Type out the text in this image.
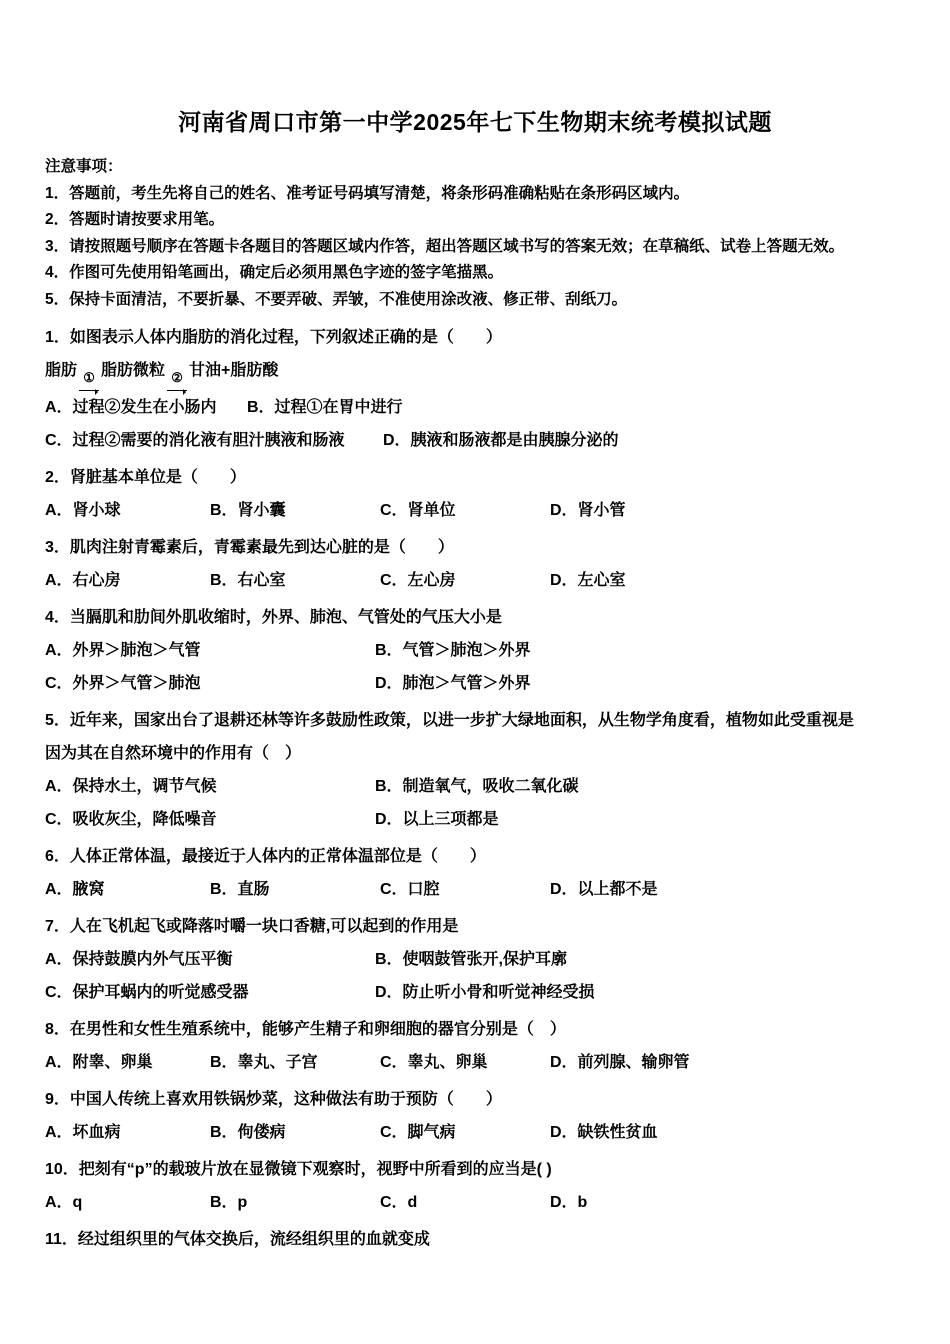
河南省周口市第一中学2025年七下生物期末统考模拟试题

注意事项：

1．答题前，考生先将自己的姓名、准考证号码填写清楚，将条形码准确粘贴在条形码区域内。

2．答题时请按要求用笔。

3．请按照题号顺序在答题卡各题目的答题区域内作答，超出答题区域书写的答案无效；在草稿纸、试卷上答题无效。

4．作图可先使用铅笔画出，确定后必须用黑色字迹的签字笔描黑。

5．保持卡面清洁，不要折暴、不要弄破、弄皱，不准使用涂改液、修正带、刮纸刀。

1．如图表示人体内脂肪的消化过程，下列叙述正确的是（　　）

脂肪 ① 脂肪微粒 ② 甘油+脂肪酸

A．过程②发生在小肠内	B．过程①在胃中进行
C．过程②需要的消化液有胆汁胰液和肠液	D．胰液和肠液都是由胰腺分泌的

2．肾脏基本单位是（　　）

A．肾小球	B．肾小囊	C．肾单位	D．肾小管

3．肌肉注射青霉素后，青霉素最先到达心脏的是（　　）

A．右心房	B．右心室	C．左心房	D．左心室

4．当膈肌和肋间外肌收缩时，外界、肺泡、气管处的气压大小是

A．外界＞肺泡＞气管	B．气管＞肺泡＞外界
C．外界＞气管＞肺泡	D．肺泡＞气管＞外界

5．近年来，国家出台了退耕还林等许多鼓励性政策，以进一步扩大绿地面积，从生物学角度看，植物如此受重视是

因为其在自然环境中的作用有（　）

A．保持水土，调节气候	B．制造氧气，吸收二氧化碳
C．吸收灰尘，降低噪音	D．以上三项都是

6．人体正常体温，最接近于人体内的正常体温部位是（　　）

A．腋窝	B．直肠	C．口腔	D．以上都不是

7．人在飞机起飞或降落吋嚼一块口香糖,可以起到的作用是

A．保持鼓膜内外气压平衡	B．使咽鼓管张开,保护耳廓
C．保护耳蜗内的听觉感受器	D．防止听小骨和听觉神经受损

8．在男性和女性生殖系统中，能够产生精子和卵细胞的器官分别是（　）

A．附睾、卵巢	B．睾丸、子宫	C．睾丸、卵巢	D．前列腺、输卵管

9．中国人传统上喜欢用铁锅炒菜，这种做法有助于预防（　　）

A．坏血病	B．佝偻病	C．脚气病	D．缺铁性贫血

10．把刻有“p”的载玻片放在显微镜下观察时，视野中所看到的应当是( )

A．q	B．p	C．d	D．b

11．经过组织里的气体交换后，流经组织里的血就变成
